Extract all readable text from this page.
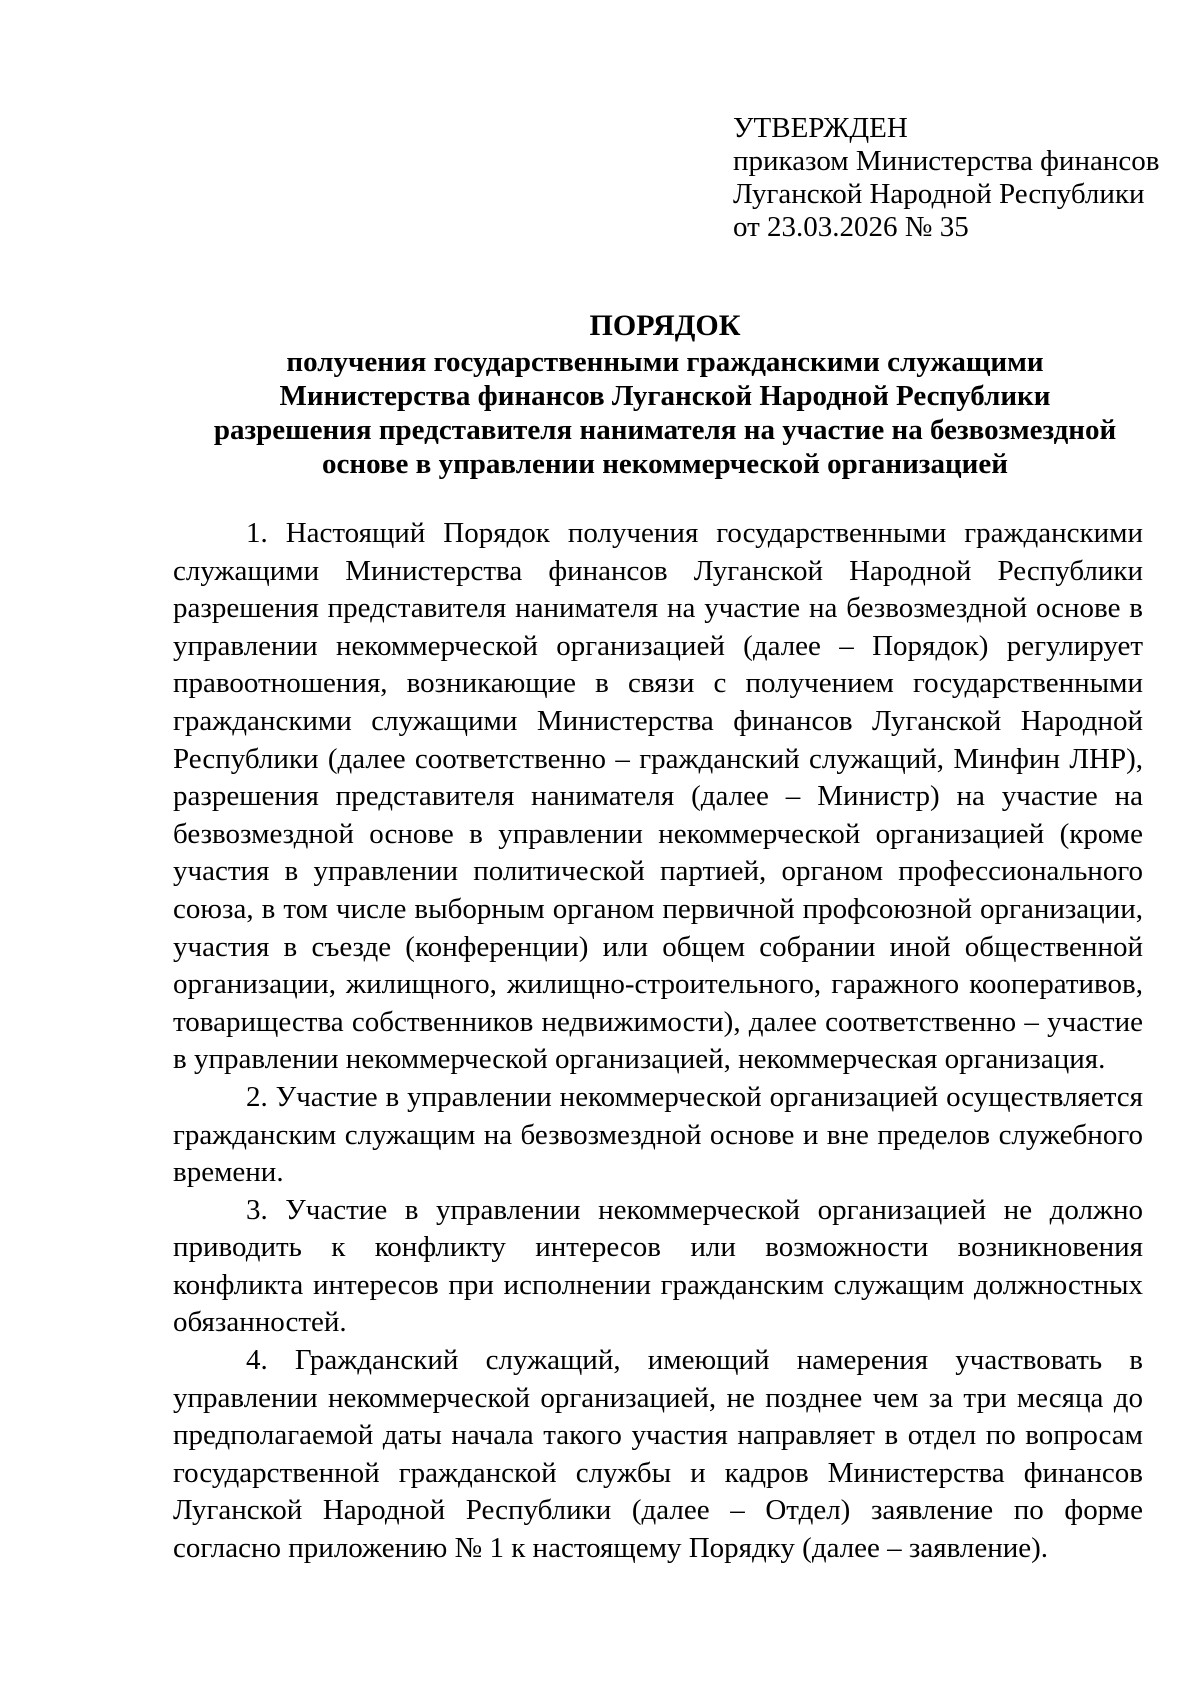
УТВЕРЖДЕН
приказом Министерства финансов
Луганской Народной Республики
от 23.03.2026 № 35
ПОРЯДОК
получения государственными гражданскими служащими
Министерства финансов Луганской Народной Республики
разрешения представителя нанимателя на участие на безвозмездной
основе в управлении некоммерческой организацией

1. Настоящий Порядок получения государственными гражданскими служащими Министерства финансов Луганской Народной Республики разрешения представителя нанимателя на участие на безвозмездной основе в управлении некоммерческой организацией (далее – Порядок) регулирует правоотношения, возникающие в связи с получением государственными гражданскими служащими Министерства финансов Луганской Народной Республики (далее соответственно – гражданский служащий, Минфин ЛНР), разрешения представителя нанимателя (далее – Министр) на участие на безвозмездной основе в управлении некоммерческой организацией (кроме участия в управлении политической партией, органом профессионального союза, в том числе выборным органом первичной профсоюзной организации, участия в съезде (конференции) или общем собрании иной общественной организации, жилищного, жилищно-строительного, гаражного кооперативов, товарищества собственников недвижимости), далее соответственно – участие в управлении некоммерческой организацией, некоммерческая организация.

2. Участие в управлении некоммерческой организацией осуществляется гражданским служащим на безвозмездной основе и вне пределов служебного времени.

3. Участие в управлении некоммерческой организацией не должно приводить к конфликту интересов или возможности возникновения конфликта интересов при исполнении гражданским служащим должностных обязанностей.

4. Гражданский служащий, имеющий намерения участвовать в управлении некоммерческой организацией, не позднее чем за три месяца до предполагаемой даты начала такого участия направляет в отдел по вопросам государственной гражданской службы и кадров Министерства финансов Луганской Народной Республики (далее – Отдел) заявление по форме согласно приложению № 1 к настоящему Порядку (далее – заявление).
